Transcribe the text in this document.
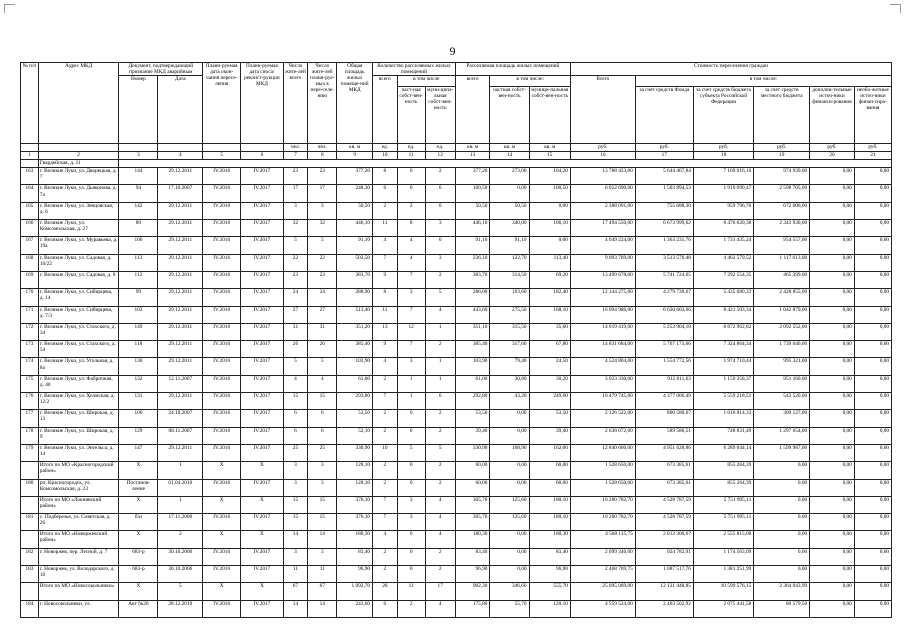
9
№ п/п	Адрес МКД	Документ, подтверждающий признание МКД аварийным		Плани-руемая дата окон-чания пересе-ления	Плани-руемая дата сноса/ реконст-рукции МКД	Число жите-лей всего	Число жите-лей плани-руе-мых к пере-селе-нию	Общая площадь жилых помеще-ний МКД	Количество расселяемых жилых помещений			Расселяемая площадь жилых помещений			Стоимость переселения граждан					
		Номер	Дата						всего	в том числе		всего	в том числе:		Всего	в том числе:				
										част-ная собст-вен-ность	муни-ципа-льная собст-вен-ность		частная собст-вен-ность	муници-пальная собст-вен-ность		за счет средств Фонда	за счет средств бюджета субъекта Российской Федерации	за счет средств местного бюджета	дополни-тельные источ-ники финанси-рования	необо-жетные источ-ники финан-сиро-вания
						чел.	чел.	кв. м	ед.	ед.	ед.	кв. м	кв. м	кв. м	руб.	руб.	руб.	руб.	руб.	руб.
1	2	3	4	5	6	7	8	9	10	11	12	13	14	15	16	17	18	19	20	21
	Гвардейская, д. 11																			
163	г. Великие Луки, ул. Дворецкая, д. 7	144	29.12.2011	IV.2016	IV.2017	23	23	377,20	8	6	2	377,20	273,00	104,20	13 788 423,00	5 644 467,84	7 169 016,16	974 939,00	0,00	0,00
164	г. Великие Луки, ул. Дьяконова, д. 7а	94	17.10.2007	IV.2016	IV.2017	17	17	248,30	6	0	6	100,50	0,00	100,50	6 012 690,00	1 503 894,53	1 910 090,47	2 598 705,00	0,00	0,00
165	г. Великие Луки, ул. Зенцовская, д. 6	142	29.12.2011	IV.2016	IV.2017	3	3	50,50	2	2	0	50,50	50,50	0,00	2 388 091,00	755 688,30	959 796,70	672 606,00	0,00	0,00
166	г. Великие Луки, ул. Комсомольская, д. 27	89	29.12.2011	IV.2016	IV.2017	32	32	446,10	11	8	3	446,10	340,00	106,10	17 494 550,00	6 673 999,62	8 476 620,38	2 343 930,00	0,00	0,00
167	г. Великие Луки, ул. Муравьева, д. 19а	106	29.12.2011	IV.2016	IV.2017	5	5	91,10	4	4	0	91,10	91,10	0,00	4 049 224,00	1 363 231,76	1 731 435,24	954 557,00	0,00	0,00
168	г. Великие Луки, ул. Садовая, д. 10/22	113	29.12.2011	IV.2016	IV.2017	22	22	503,50	7	4	3	236,10	122,70	113,40	9 093 769,00	3 513 576,48	4 462 579,52	1 117 613,00	0,00	0,00
169	г. Великие Луки, ул. Садовая, д. 8	112	29.12.2011	IV.2016	IV.2017	23	23	383,70	9	7	2	383,70	314,50	69,20	13 499 678,00	5 741 724,65	7 292 554,35	465 399,00	0,00	0,00
170	г. Великие Луки, ул. Сибирцева, д. 14	99	29.12.2011	IV.2016	IV.2017	24	24	288,90	8	3	5	286,00	103,60	182,40	12 144 275,00	4 279 739,67	5 435 680,33	2 428 855,00	0,00	0,00
171	г. Великие Луки, ул. Сибирцева, д. 7/3	103	29.12.2011	IV.2016	IV.2017	27	27	513,40	11	7	4	443,60	275,50	168,10	16 094 986,00	6 630 603,66	8 421 503,34	1 042 879,00	0,00	0,00
172	г. Великие Луки, ул. Стахского, д. 34	149	29.12.2011	IV.2016	IV.2017	31	31	351,20	13	12	1	351,10	315,50	35,60	14 019 419,00	5 253 904,18	6 672 962,82	2 092 552,00	0,00	0,00
173	г. Великие Луки, ул. Стахского, д. 54	118	29.12.2011	IV.2016	IV.2017	26	26	385,40	9	7	2	385,40	317,60	67,80	14 831 684,00	5 767 173,66	7 324 864,34	1 739 646,00	0,00	0,00
174	г. Великие Луки, ул. Угольная, д. 8а	136	29.12.2011	IV.2016	IV.2017	5	5	103,90	4	3	1	103,90	79,40	24,50	4 524 804,00	1 554 772,56	1 974 710,44	995 321,00	0,00	0,00
175	г. Великие Луки, ул. Фабричная, д. 40	132	12.11.2007	IV.2016	IV.2017	4	4	61,00	2	1	1	61,00	30,80	30,20	3 023 330,00	912 811,63	1 159 358,37	951 160,00	0,00	0,00
176	г. Великие Луки, ул. Холмская, д. 12/2	131	29.12.2011	IV.2016	IV.2017	15	15	293,80	7	1	6	292,80	43,20	249,60	10 479 745,00	4 377 006,49	5 559 218,51	543 520,00	0,00	0,00
177	г. Великие Луки, ул. Широкая, д. 13	106	24.10.2007	IV.2016	IV.2017	6	6	53,50	2	0	2	53,50	0,00	53,50	2 126 522,00	800 580,67	1 016 814,33	309 127,00	0,00	0,00
178	г. Великие Луки, ул. Широкая, д. 9	129	08.11.2007	IV.2016	IV.2017	6	6	52,10	2	0	2	39,40	0,00	39,40	2 636 072,00	589 586,51	748 831,49	1 297 654,00	0,00	0,00
179	г. Великие Луки, ул. Энгельса, д. 14	147	29.12.2011	IV.2016	IV.2017	25	25	330,90	10	5	5	330,90	168,90	162,00	12 840 660,00	4 951 628,86	6 289 044,14	1 599 987,00	0,00	0,00
	Итого по МО «Красногородский район»	X	1	X	X	3	3	128,10	2	0	2	60,00	0,00	60,00	1 528 650,00	673 385,61	855 264,39	0,00	0,00	0,00
180	рп. Красногородск, ул. Комсомольская, д. 23	Постанов-ление	01.04.2010	IV.2016	IV.2017	3	3	128,10	2	0	2	60,00	0,00	60,00	1 528 650,00	673 385,61	855 264,39	0,00	0,00	0,00
	Итого по МО «Локнянский район»	X	1	X	X	15	15	376,10	7	3	4	305,70	125,60	180,10	10 280 782,70	4 528 787,59	5 751 995,11	0,00	0,00	0,00
181	с. Подберезье, ул. Советская, д. 26	б/н	17.11.2008	IV.2016	IV.2017	15	15	376,10	7	3	4	305,70	125,60	180,10	10 280 782,70	4 528 787,59	5 751 995,11	0,00	0,00	0,00
	Итого по МО «Новоржевский район»	X	2	X	X	14	14	180,30	4	0	4	180,30	0,00	180,30	4 568 115,75	2 012 300,67	2 555 815,08	0,00	0,00	0,00
182	г. Новоржев, пер. Лесной, д. 7	683-р	30.10.2006	IV.2016	IV.2017	3	3	83,40	2	0	2	83,40	0,00	83,40	2 099 346,00	924 782,91	1 174 563,09	0,00	0,00	0,00
183	г. Новоржев, ул. Володарского, д. 10	683-р	30.10.2006	IV.2016	IV.2017	11	11	96,90	2	0	2	96,90	0,00	96,90	2 468 769,75	1 087 517,76	1 381 251,99	0,00	0,00	0,00
	Итого по МО «Новосокольники»	X	5	X	X	67	67	1 092,70	28	11	17	902,30	346,60	555,70	25 095 069,00	12 131 448,85	10 599 576,15	2 364 043,99	0,00	0,00
184	г. Новосокольники, ул.	Акт №20	28.12.2010	IV.2016	IV.2017	14	14	243,60	6	2	4	175,80	55,70	120,10	4 559 524,00	2 403 502,92	2 075 441,58	80 579,50	0,00	0,00
